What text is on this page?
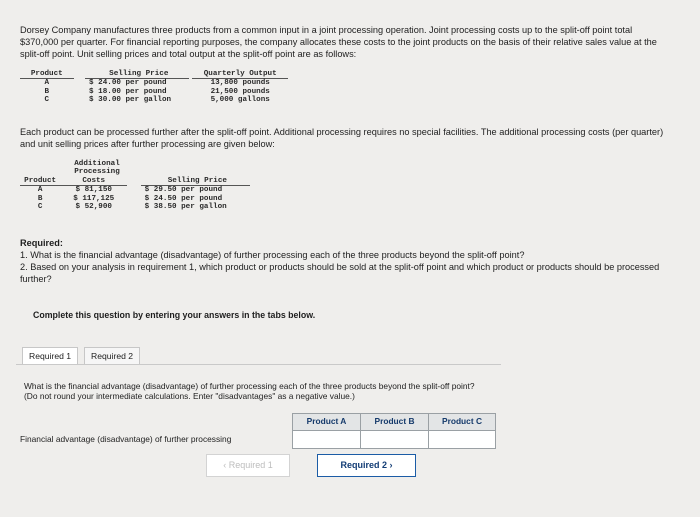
Dorsey Company manufactures three products from a common input in a joint processing operation. Joint processing costs up to the split-off point total $370,000 per quarter. For financial reporting purposes, the company allocates these costs to the joint products on the basis of their relative sales value at the split-off point. Unit selling prices and total output at the split-off point are as follows:
Product	Selling Price	Quarterly Output
A	$ 24.00 per pound	13,800 pounds
B	$ 18.00 per pound	21,500 pounds
C	$ 30.00 per gallon	5,000 gallons
Each product can be processed further after the split-off point. Additional processing requires no special facilities. The additional processing costs (per quarter) and unit selling prices after further processing are given below:
Additional
Processing
Product	Costs	Selling Price
A	$ 81,150	$ 29.50 per pound
B	$ 117,125	$ 24.50 per pound
C	$ 52,900	$ 38.50 per gallon
Required:
1. What is the financial advantage (disadvantage) of further processing each of the three products beyond the split-off point?
2. Based on your analysis in requirement 1, which product or products should be sold at the split-off point and which product or products should be processed further?
Complete this question by entering your answers in the tabs below.
Required 1	Required 2
What is the financial advantage (disadvantage) of further processing each of the three products beyond the split-off point?
(Do not round your intermediate calculations. Enter "disadvantages" as a negative value.)
Product A	Product B	Product C
Financial advantage (disadvantage) of further processing
‹ Required 1	Required 2 ›
